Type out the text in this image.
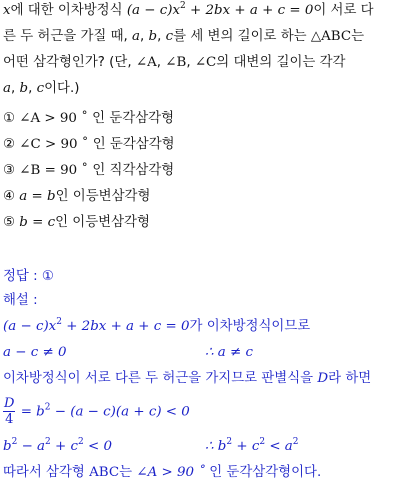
x에 대한 이차방정식 $(a - c)x^2 + 2bx + a + c = 0$이 서로 다
른 두 허근을 가질 때, a, b, c를 세 변의 길이로 하는 △ABC는
어떤 삼각형인가? (단, ∠A, ∠B, ∠C의 대변의 길이는 각각
a, b, c이다.)
① ∠A > 90 ˚ 인 둔각삼각형
② ∠C > 90 ˚ 인 둔각삼각형
③ ∠B = 90 ˚ 인 직각삼각형
④ a = b인 이등변삼각형
⑤ b = c인 이등변삼각형
정답 : ①
해설 :
$(a - c)x^2 + 2bx + a + c = 0$가 이차방정식이므로
a − c ≠ 0	∴ a ≠ c
이차방정식이 서로 다른 두 허근을 가지므로 판별식을 D라 하면
$\frac{D}{4} = b^2 - (a - c)(a + c) < 0$
$b^2 - a^2 + c^2 < 0$	∴ $b^2 + c^2 < a^2$
따라서 삼각형 ABC는 ∠A > 90 ˚ 인 둔각삼각형이다.
